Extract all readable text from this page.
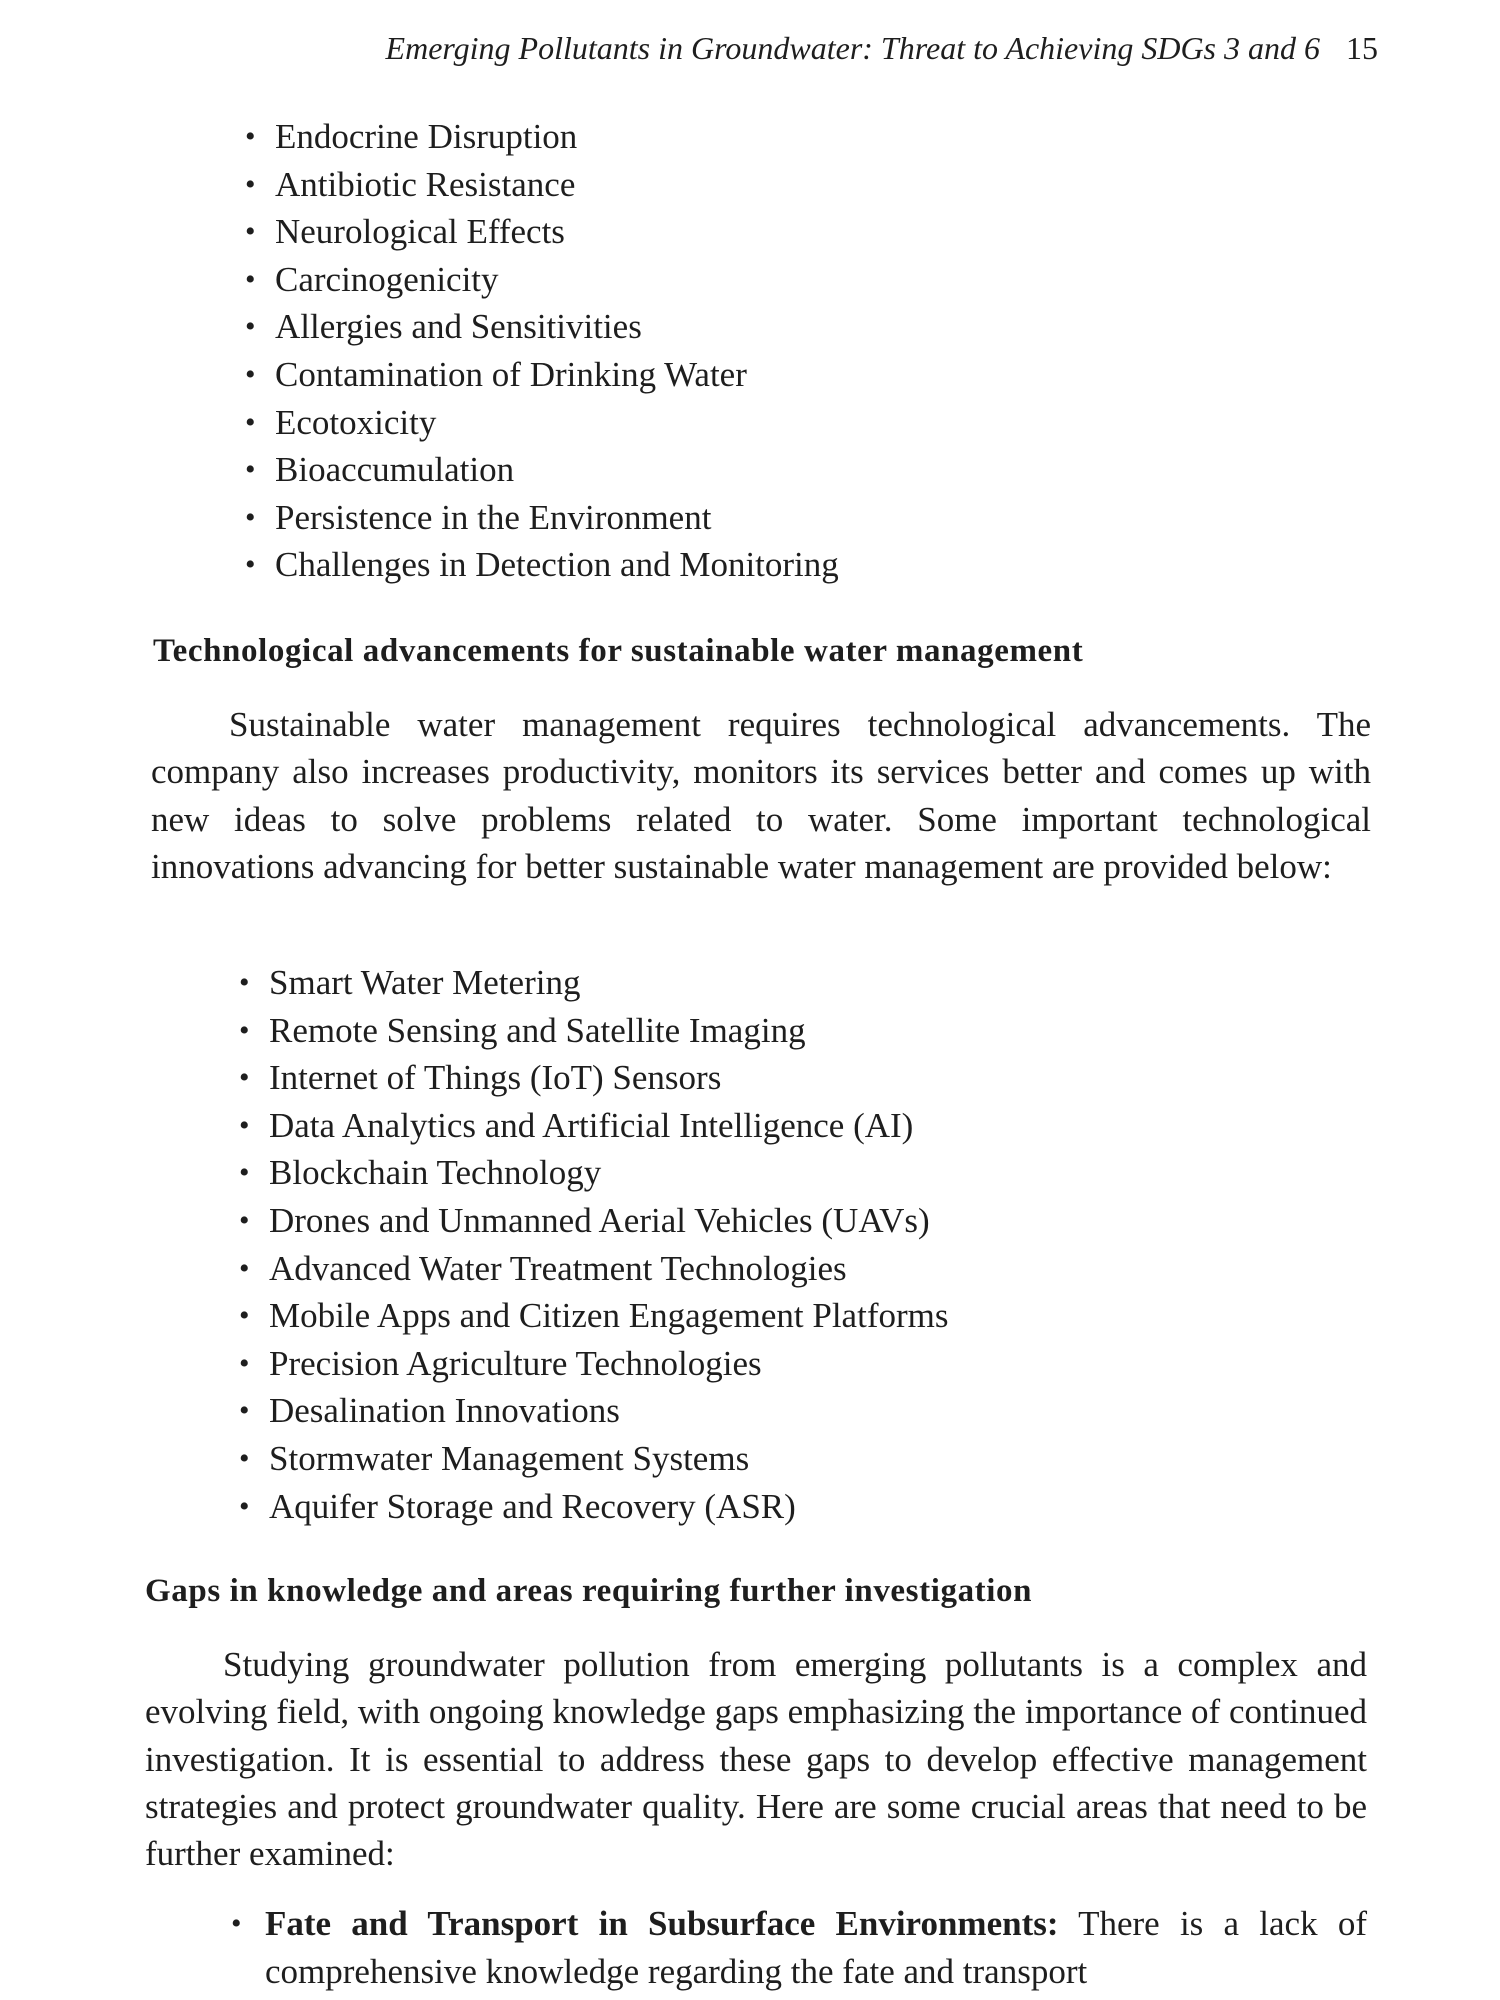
Emerging Pollutants in Groundwater: Threat to Achieving SDGs 3 and 6 15
• Endocrine Disruption
• Antibiotic Resistance
• Neurological Effects
• Carcinogenicity
• Allergies and Sensitivities
• Contamination of Drinking Water
• Ecotoxicity
• Bioaccumulation
• Persistence in the Environment
• Challenges in Detection and Monitoring
Technological advancements for sustainable water management

Sustainable water management requires technological advancements. The company also increases productivity, monitors its services better and comes up with new ideas to solve problems related to water. Some important technological innovations advancing for better sustainable water management are provided below:

• Smart Water Metering
• Remote Sensing and Satellite Imaging
• Internet of Things (IoT) Sensors
• Data Analytics and Artificial Intelligence (AI)
• Blockchain Technology
• Drones and Unmanned Aerial Vehicles (UAVs)
• Advanced Water Treatment Technologies
• Mobile Apps and Citizen Engagement Platforms
• Precision Agriculture Technologies
• Desalination Innovations
• Stormwater Management Systems
• Aquifer Storage and Recovery (ASR)
Gaps in knowledge and areas requiring further investigation

Studying groundwater pollution from emerging pollutants is a complex and evolving field, with ongoing knowledge gaps emphasizing the importance of continued investigation. It is essential to address these gaps to develop effective management strategies and protect groundwater quality. Here are some crucial areas that need to be further examined:

• Fate and Transport in Subsurface Environments: There is a lack of comprehensive knowledge regarding the fate and transport
